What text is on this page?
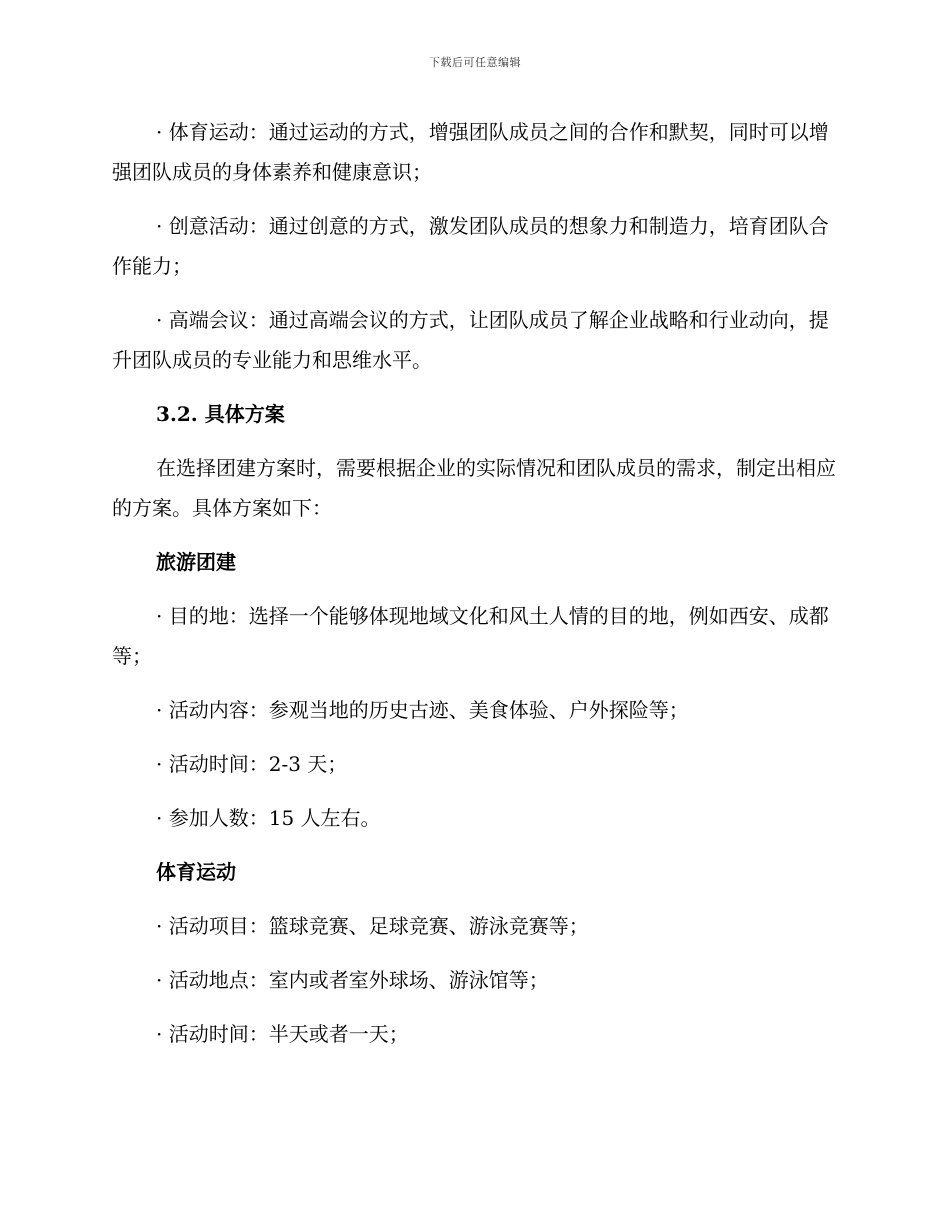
下载后可任意编辑

· 体育运动：通过运动的方式，增强团队成员之间的合作和默契，同时可以增强团队成员的身体素养和健康意识；

· 创意活动：通过创意的方式，激发团队成员的想象力和制造力，培育团队合作能力；

· 高端会议：通过高端会议的方式，让团队成员了解企业战略和行业动向，提升团队成员的专业能力和思维水平。

3.2. 具体方案

在选择团建方案时，需要根据企业的实际情况和团队成员的需求，制定出相应的方案。具体方案如下：

旅游团建

· 目的地：选择一个能够体现地域文化和风土人情的目的地，例如西安、成都等；

· 活动内容：参观当地的历史古迹、美食体验、户外探险等；

· 活动时间：2-3 天；

· 参加人数：15 人左右。

体育运动

· 活动项目：篮球竞赛、足球竞赛、游泳竞赛等；

· 活动地点：室内或者室外球场、游泳馆等；

· 活动时间：半天或者一天；
